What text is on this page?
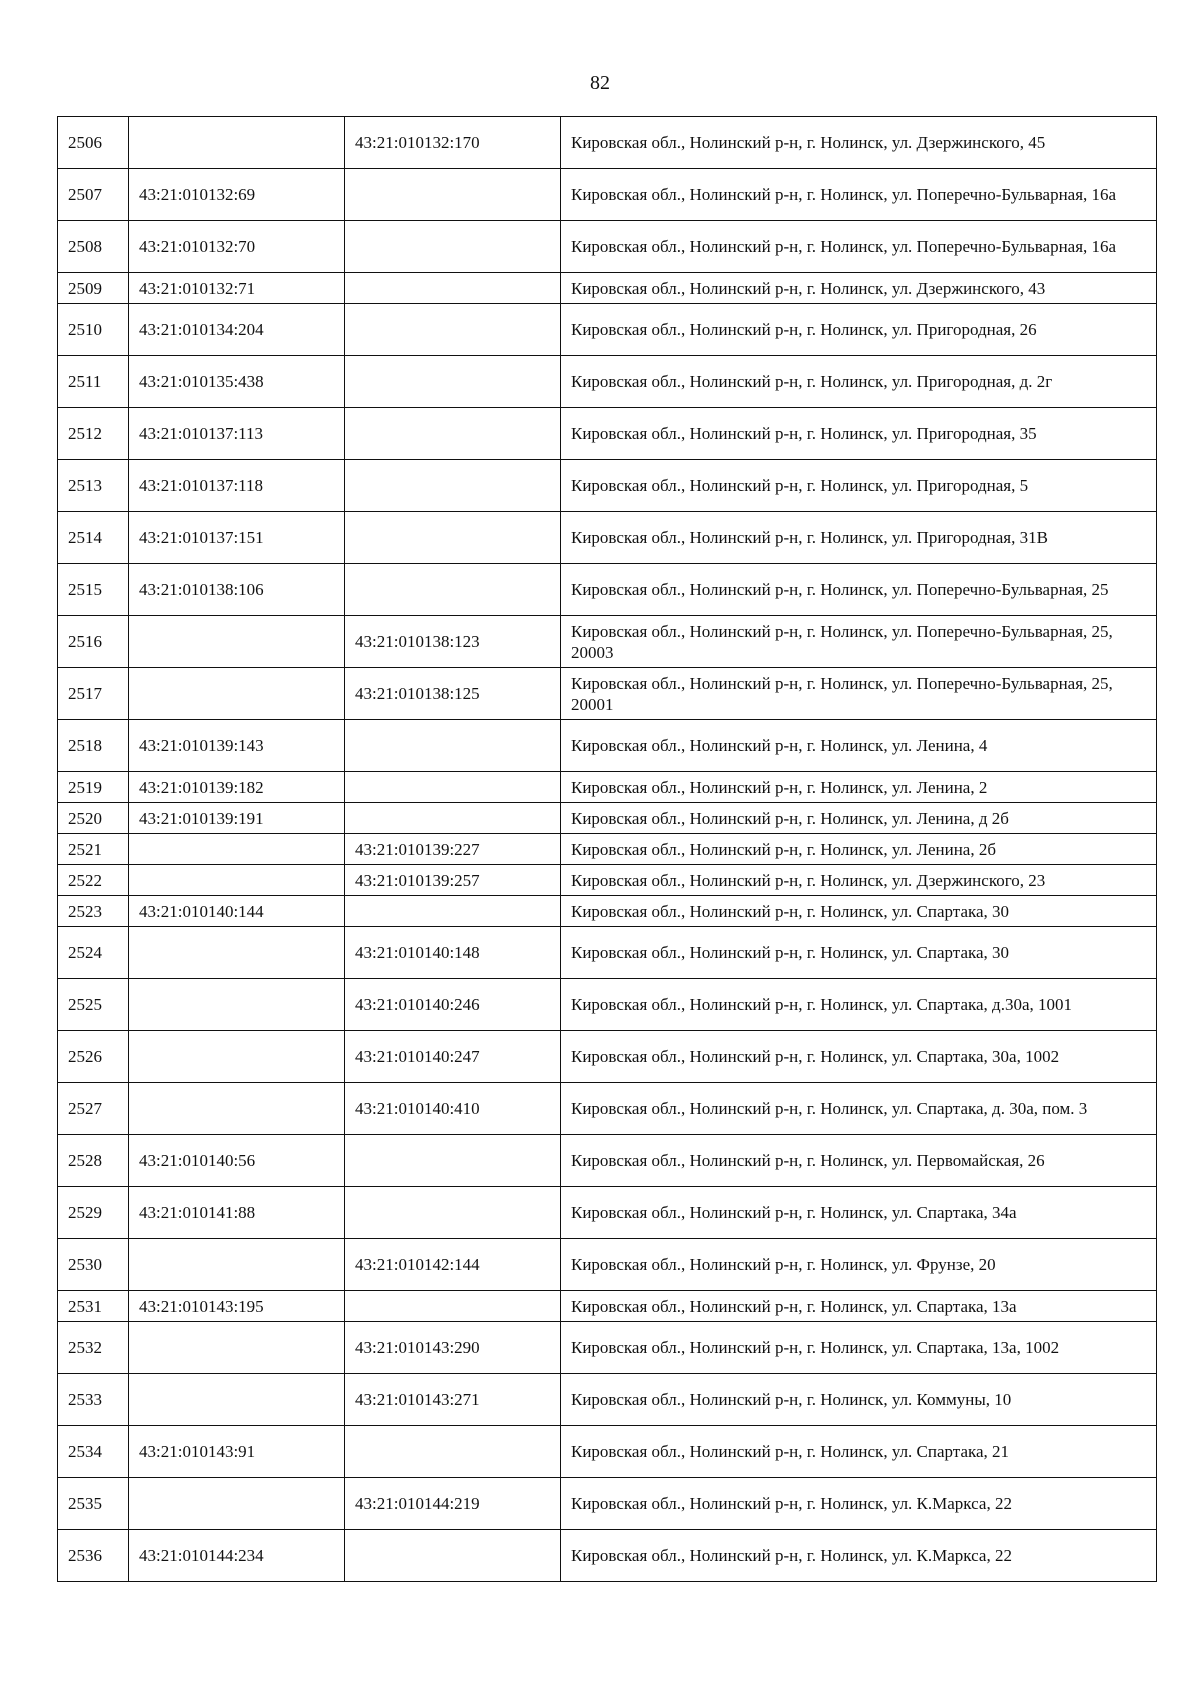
82
2506		43:21:010132:170	Кировская обл., Нолинский р-н, г. Нолинск, ул. Дзержинского, 45
2507	43:21:010132:69		Кировская обл., Нолинский р-н, г. Нолинск, ул. Поперечно-Бульварная, 16а
2508	43:21:010132:70		Кировская обл., Нолинский р-н, г. Нолинск, ул. Поперечно-Бульварная, 16а
2509	43:21:010132:71		Кировская обл., Нолинский р-н, г. Нолинск, ул. Дзержинского, 43
2510	43:21:010134:204		Кировская обл., Нолинский р-н, г. Нолинск, ул. Пригородная, 26
2511	43:21:010135:438		Кировская обл., Нолинский р-н, г. Нолинск, ул. Пригородная, д. 2г
2512	43:21:010137:113		Кировская обл., Нолинский р-н, г. Нолинск, ул. Пригородная, 35
2513	43:21:010137:118		Кировская обл., Нолинский р-н, г. Нолинск, ул. Пригородная, 5
2514	43:21:010137:151		Кировская обл., Нолинский р-н, г. Нолинск, ул. Пригородная, 31В
2515	43:21:010138:106		Кировская обл., Нолинский р-н, г. Нолинск, ул. Поперечно-Бульварная, 25
2516		43:21:010138:123	Кировская обл., Нолинский р-н, г. Нолинск, ул. Поперечно-Бульварная, 25, 20003
2517		43:21:010138:125	Кировская обл., Нолинский р-н, г. Нолинск, ул. Поперечно-Бульварная, 25, 20001
2518	43:21:010139:143		Кировская обл., Нолинский р-н, г. Нолинск, ул. Ленина, 4
2519	43:21:010139:182		Кировская обл., Нолинский р-н, г. Нолинск, ул. Ленина, 2
2520	43:21:010139:191		Кировская обл., Нолинский р-н, г. Нолинск, ул. Ленина, д 2б
2521		43:21:010139:227	Кировская обл., Нолинский р-н, г. Нолинск, ул. Ленина, 2б
2522		43:21:010139:257	Кировская обл., Нолинский р-н, г. Нолинск, ул. Дзержинского, 23
2523	43:21:010140:144		Кировская обл., Нолинский р-н, г. Нолинск, ул. Спартака, 30
2524		43:21:010140:148	Кировская обл., Нолинский р-н, г. Нолинск, ул. Спартака, 30
2525		43:21:010140:246	Кировская обл., Нолинский р-н, г. Нолинск, ул. Спартака, д.30а, 1001
2526		43:21:010140:247	Кировская обл., Нолинский р-н, г. Нолинск, ул. Спартака, 30а, 1002
2527		43:21:010140:410	Кировская обл., Нолинский р-н, г. Нолинск, ул. Спартака, д. 30а, пом. 3
2528	43:21:010140:56		Кировская обл., Нолинский р-н, г. Нолинск, ул. Первомайская, 26
2529	43:21:010141:88		Кировская обл., Нолинский р-н, г. Нолинск, ул. Спартака, 34а
2530		43:21:010142:144	Кировская обл., Нолинский р-н, г. Нолинск, ул. Фрунзе, 20
2531	43:21:010143:195		Кировская обл., Нолинский р-н, г. Нолинск, ул. Спартака, 13а
2532		43:21:010143:290	Кировская обл., Нолинский р-н, г. Нолинск, ул. Спартака, 13а, 1002
2533		43:21:010143:271	Кировская обл., Нолинский р-н, г. Нолинск, ул. Коммуны, 10
2534	43:21:010143:91		Кировская обл., Нолинский р-н, г. Нолинск, ул. Спартака, 21
2535		43:21:010144:219	Кировская обл., Нолинский р-н, г. Нолинск, ул. К.Маркса, 22
2536	43:21:010144:234		Кировская обл., Нолинский р-н, г. Нолинск, ул. К.Маркса, 22
